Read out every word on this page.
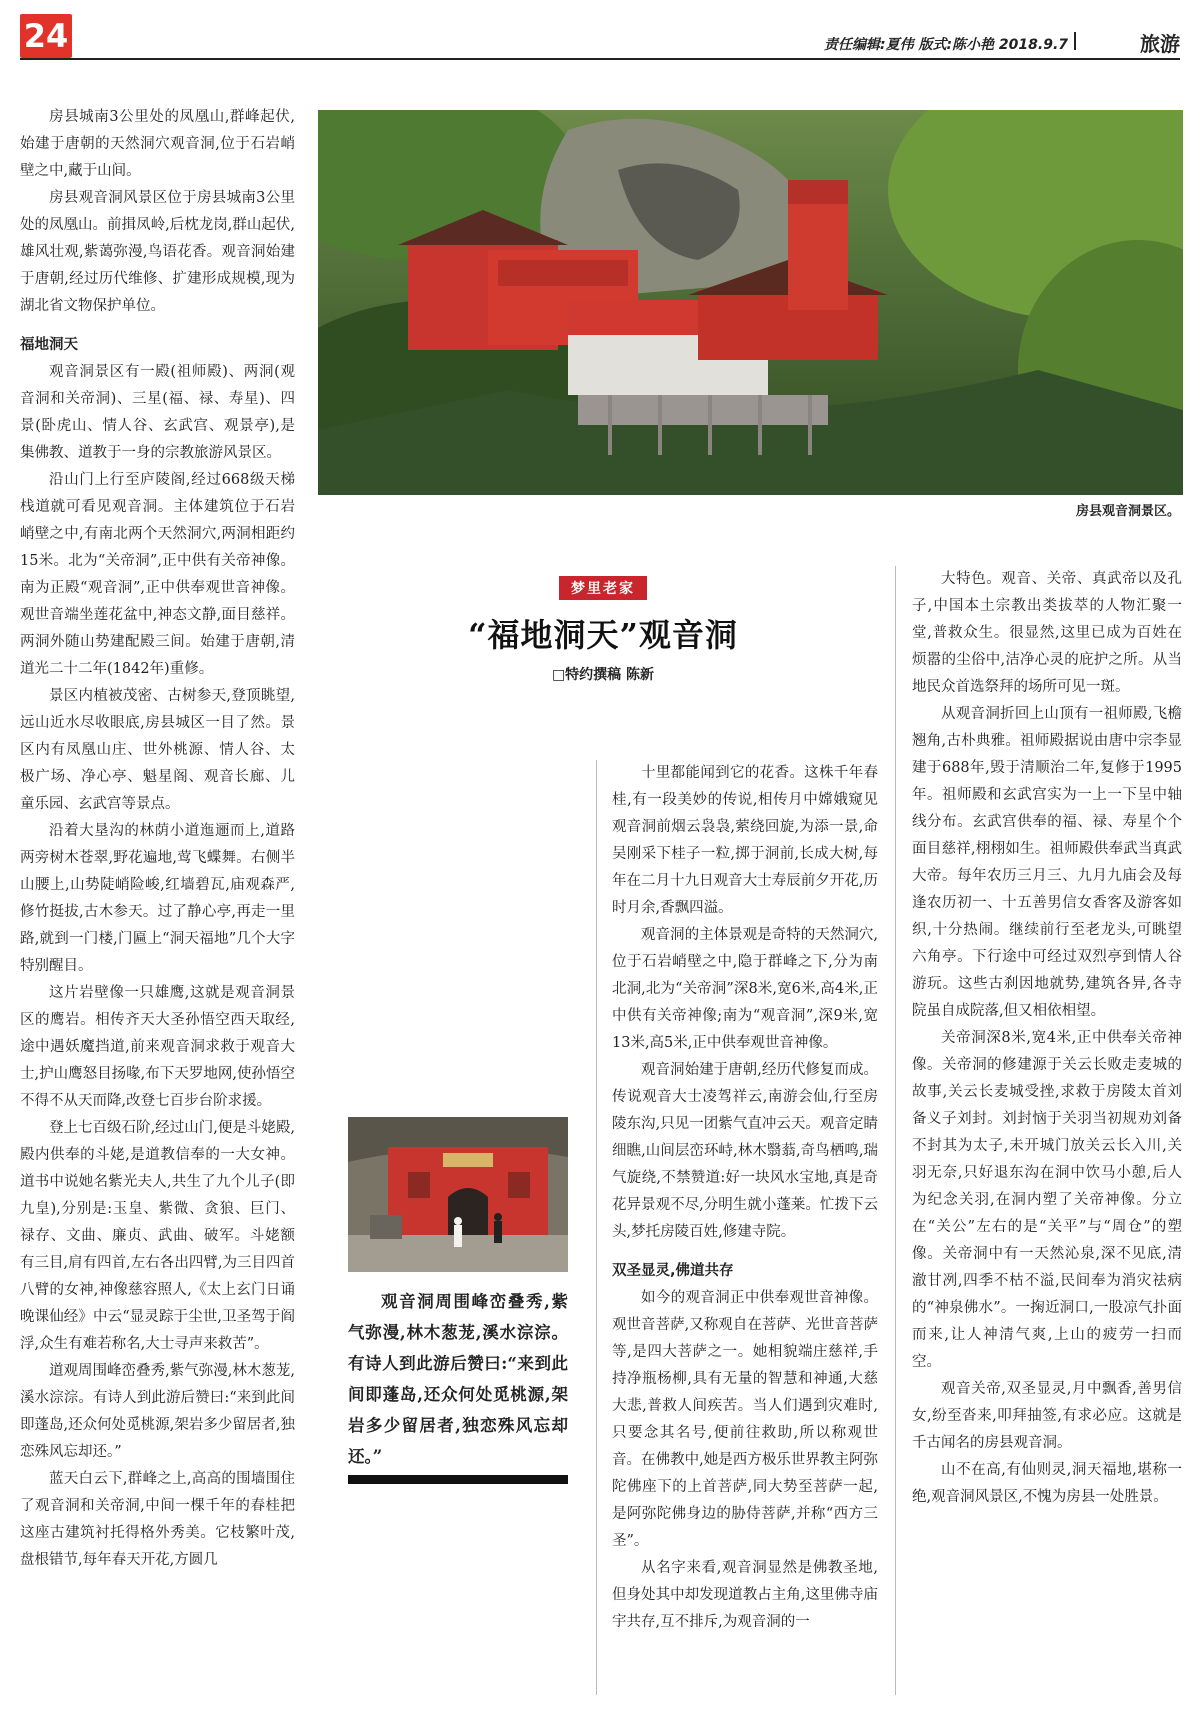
24	责任编辑:夏伟 版式:陈小艳 2018.9.7	旅游

房县城南3公里处的凤凰山,群峰起伏,始建于唐朝的天然洞穴观音洞,位于石岩峭壁之中,藏于山间。

房县观音洞风景区位于房县城南3公里处的凤凰山。前揖凤岭,后枕龙岗,群山起伏,雄风壮观,紫蔼弥漫,鸟语花香。观音洞始建于唐朝,经过历代维修、扩建形成规模,现为湖北省文物保护单位。

福地洞天

观音洞景区有一殿(祖师殿)、两洞(观音洞和关帝洞)、三星(福、禄、寿星)、四景(卧虎山、情人谷、玄武宫、观景亭),是集佛教、道教于一身的宗教旅游风景区。

沿山门上行至庐陵阁,经过668级天梯栈道就可看见观音洞。主体建筑位于石岩峭壁之中,有南北两个天然洞穴,两洞相距约15米。北为“关帝洞”,正中供有关帝神像。南为正殿“观音洞”,正中供奉观世音神像。观世音端坐莲花盆中,神态文静,面目慈祥。两洞外随山势建配殿三间。始建于唐朝,清道光二十二年(1842年)重修。

景区内植被茂密、古树参天,登顶眺望,远山近水尽收眼底,房县城区一目了然。景区内有凤凰山庄、世外桃源、情人谷、太极广场、净心亭、魁星阁、观音长廊、儿童乐园、玄武宫等景点。

沿着大垦沟的林荫小道迤逦而上,道路两旁树木苍翠,野花遍地,莺飞蝶舞。右侧半山腰上,山势陡峭险峻,红墙碧瓦,庙观森严,修竹挺拔,古木参天。过了静心亭,再走一里路,就到一门楼,门匾上“洞天福地”几个大字特别醒目。

这片岩壁像一只雄鹰,这就是观音洞景区的鹰岩。相传齐天大圣孙悟空西天取经,途中遇妖魔挡道,前来观音洞求救于观音大士,护山鹰怒目扬喙,布下天罗地网,使孙悟空不得不从天而降,改登七百步台阶求援。

登上七百级石阶,经过山门,便是斗姥殿,殿内供奉的斗姥,是道教信奉的一大女神。道书中说她名紫光夫人,共生了九个儿子(即九皇),分别是:玉皇、紫微、贪狼、巨门、禄存、文曲、廉贞、武曲、破军。斗姥额有三目,肩有四首,左右各出四臂,为三目四首八臂的女神,神像慈容照人,《太上玄门日诵晚课仙经》中云“显灵踪于尘世,卫圣驾于阎浮,众生有难若称名,大士寻声来救苦”。

道观周围峰峦叠秀,紫气弥漫,林木葱茏,溪水淙淙。有诗人到此游后赞曰:“来到此间即蓬岛,还众何处觅桃源,架岩多少留居者,独恋殊风忘却还。”

蓝天白云下,群峰之上,高高的围墙围住了观音洞和关帝洞,中间一棵千年的春桂把这座古建筑衬托得格外秀美。它枝繁叶茂,盘根错节,每年春天开花,方圆几

房县观音洞景区。
梦里老家
“福地洞天”观音洞
□特约撰稿 陈新

观音洞周围峰峦叠秀,紫气弥漫,林木葱茏,溪水淙淙。有诗人到此游后赞曰:“来到此间即蓬岛,还众何处觅桃源,架岩多少留居者,独恋殊风忘却还。”

十里都能闻到它的花香。这株千年春桂,有一段美妙的传说,相传月中嫦娥窥见观音洞前烟云袅袅,萦绕回旋,为添一景,命吴刚采下桂子一粒,掷于洞前,长成大树,每年在二月十九日观音大士寿辰前夕开花,历时月余,香飘四溢。

观音洞的主体景观是奇特的天然洞穴,位于石岩峭壁之中,隐于群峰之下,分为南北洞,北为“关帝洞”深8米,宽6米,高4米,正中供有关帝神像;南为“观音洞”,深9米,宽13米,高5米,正中供奉观世音神像。

观音洞始建于唐朝,经历代修复而成。传说观音大士凌驾祥云,南游会仙,行至房陵东沟,只见一团紫气直冲云天。观音定睛细瞧,山间层峦环峙,林木翳蓊,奇鸟栖鸣,瑞气旋绕,不禁赞道:好一块风水宝地,真是奇花异景观不尽,分明生就小蓬莱。忙拨下云头,梦托房陵百姓,修建寺院。

双圣显灵,佛道共存

如今的观音洞正中供奉观世音神像。观世音菩萨,又称观自在菩萨、光世音菩萨等,是四大菩萨之一。她相貌端庄慈祥,手持净瓶杨柳,具有无量的智慧和神通,大慈大悲,普救人间疾苦。当人们遇到灾难时,只要念其名号,便前往救助,所以称观世音。在佛教中,她是西方极乐世界教主阿弥陀佛座下的上首菩萨,同大势至菩萨一起,是阿弥陀佛身边的胁侍菩萨,并称“西方三圣”。

从名字来看,观音洞显然是佛教圣地,但身处其中却发现道教占主角,这里佛寺庙宇共存,互不排斥,为观音洞的一

大特色。观音、关帝、真武帝以及孔子,中国本土宗教出类拔萃的人物汇聚一堂,普救众生。很显然,这里已成为百姓在烦嚣的尘俗中,洁净心灵的庇护之所。从当地民众首选祭拜的场所可见一斑。

从观音洞折回上山顶有一祖师殿,飞檐翘角,古朴典雅。祖师殿据说由唐中宗李显建于688年,毁于清顺治二年,复修于1995年。祖师殿和玄武宫实为一上一下呈中轴线分布。玄武宫供奉的福、禄、寿星个个面目慈祥,栩栩如生。祖师殿供奉武当真武大帝。每年农历三月三、九月九庙会及每逢农历初一、十五善男信女香客及游客如织,十分热闹。继续前行至老龙头,可眺望六角亭。下行途中可经过双烈亭到情人谷游玩。这些古刹因地就势,建筑各异,各寺院虽自成院落,但又相依相望。

关帝洞深8米,宽4米,正中供奉关帝神像。关帝洞的修建源于关云长败走麦城的故事,关云长麦城受挫,求救于房陵太首刘备义子刘封。刘封恼于关羽当初规劝刘备不封其为太子,未开城门放关云长入川,关羽无奈,只好退东沟在洞中饮马小憩,后人为纪念关羽,在洞内塑了关帝神像。分立在“关公”左右的是“关平”与“周仓”的塑像。关帝洞中有一天然沁泉,深不见底,清澈甘冽,四季不枯不溢,民间奉为消灾祛病的“神泉佛水”。一掬近洞口,一股凉气扑面而来,让人神清气爽,上山的疲劳一扫而空。

观音关帝,双圣显灵,月中飘香,善男信女,纷至沓来,叩拜抽签,有求必应。这就是千古闻名的房县观音洞。

山不在高,有仙则灵,洞天福地,堪称一绝,观音洞风景区,不愧为房县一处胜景。
